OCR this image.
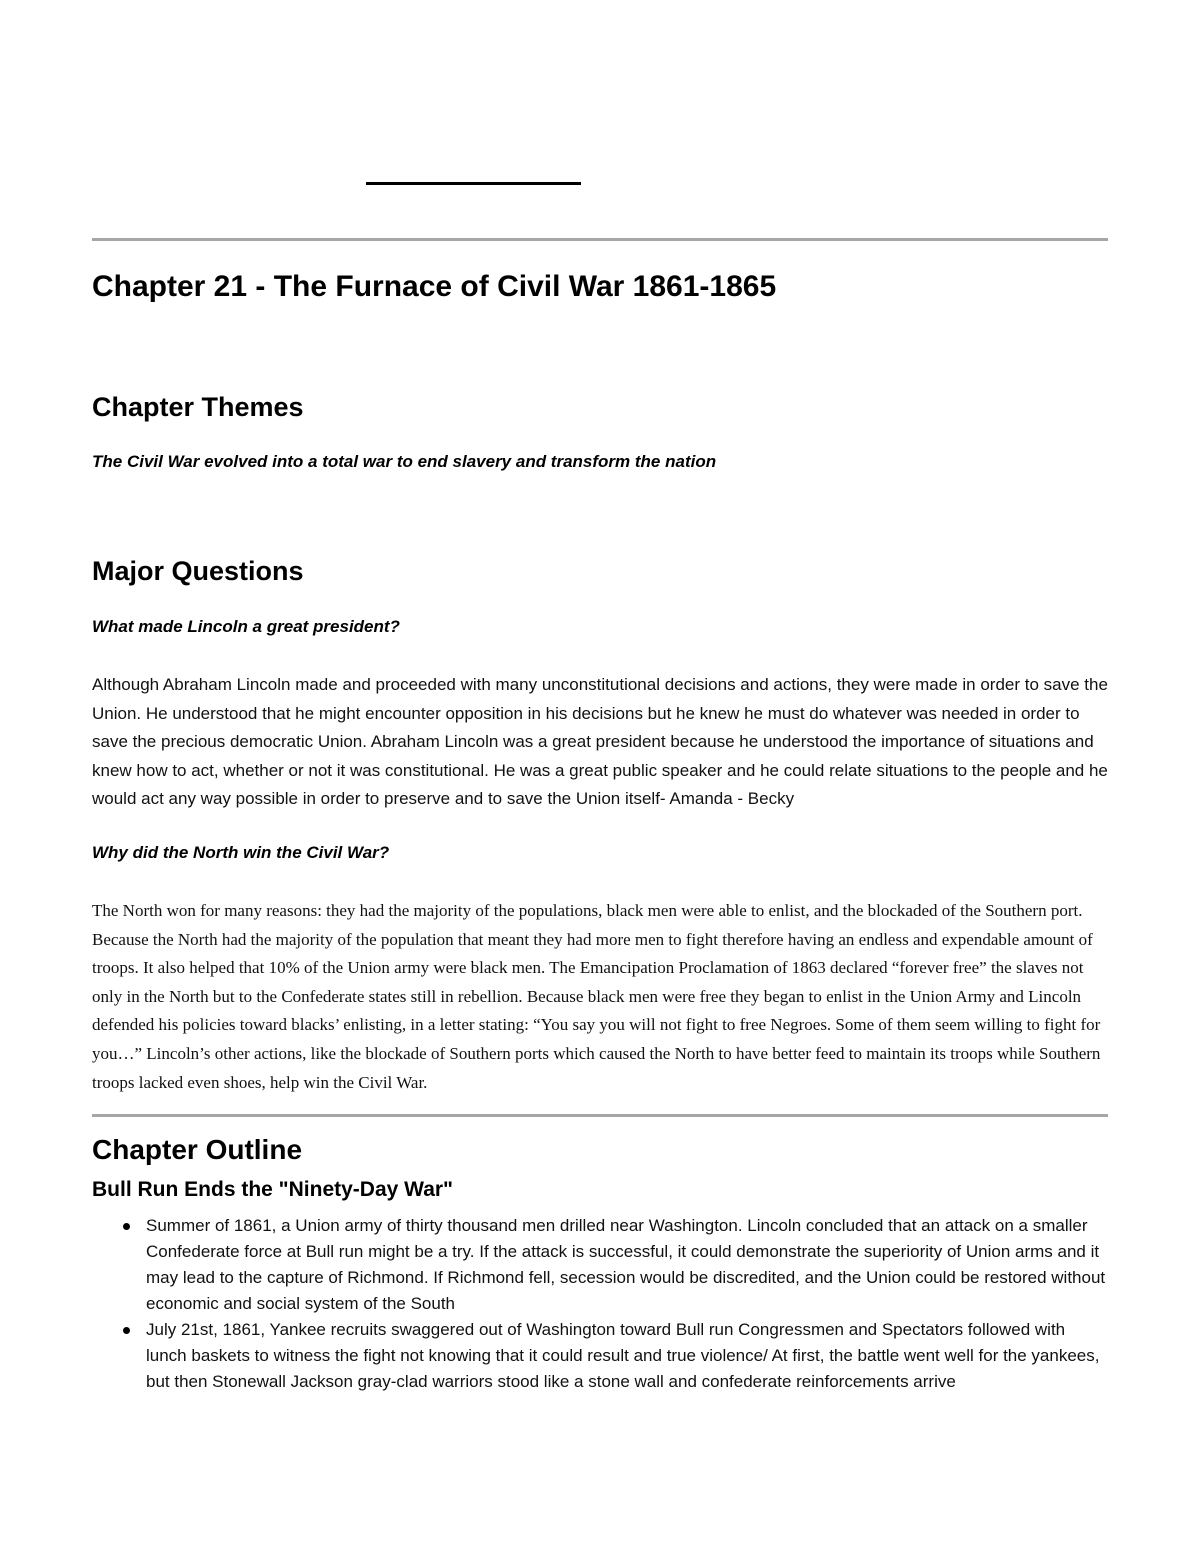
Chapter 21 - The Furnace of Civil War 1861-1865
Chapter Themes

The Civil War evolved into a total war to end slavery and transform the nation

Major Questions

What made Lincoln a great president?

Although Abraham Lincoln made and proceeded with many unconstitutional decisions and actions, they were made in order to save the Union. He understood that he might encounter opposition in his decisions but he knew he must do whatever was needed in order to save the precious democratic Union. Abraham Lincoln was a great president because he understood the importance of situations and knew how to act, whether or not it was constitutional. He was a great public speaker and he could relate situations to the people and he would act any way possible in order to preserve and to save the Union itself- Amanda - Becky

Why did the North win the Civil War?

The North won for many reasons: they had the majority of the populations, black men were able to enlist, and the blockaded of the Southern port. Because the North had the majority of the population that meant they had more men to fight therefore having an endless and expendable amount of troops. It also helped that 10% of the Union army were black men. The Emancipation Proclamation of 1863 declared “forever free” the slaves not only in the North but to the Confederate states still in rebellion. Because black men were free they began to enlist in the Union Army and Lincoln defended his policies toward blacks’ enlisting, in a letter stating: “You say you will not fight to free Negroes. Some of them seem willing to fight for you…” Lincoln’s other actions, like the blockade of Southern ports which caused the North to have better feed to maintain its troops while Southern troops lacked even shoes, help win the Civil War.

Chapter Outline
Bull Run Ends the "Ninety-Day War"
Summer of 1861, a Union army of thirty thousand men drilled near Washington. Lincoln concluded that an attack on a smaller Confederate force at Bull run might be a try. If the attack is successful, it could demonstrate the superiority of Union arms and it may lead to the capture of Richmond. If Richmond fell, secession would be discredited, and the Union could be restored without economic and social system of the South
July 21st, 1861, Yankee recruits swaggered out of Washington toward Bull run Congressmen and Spectators followed with lunch baskets to witness the fight not knowing that it could result and true violence/ At first, the battle went well for the yankees, but then Stonewall Jackson gray-clad warriors stood like a stone wall and confederate reinforcements arrive
